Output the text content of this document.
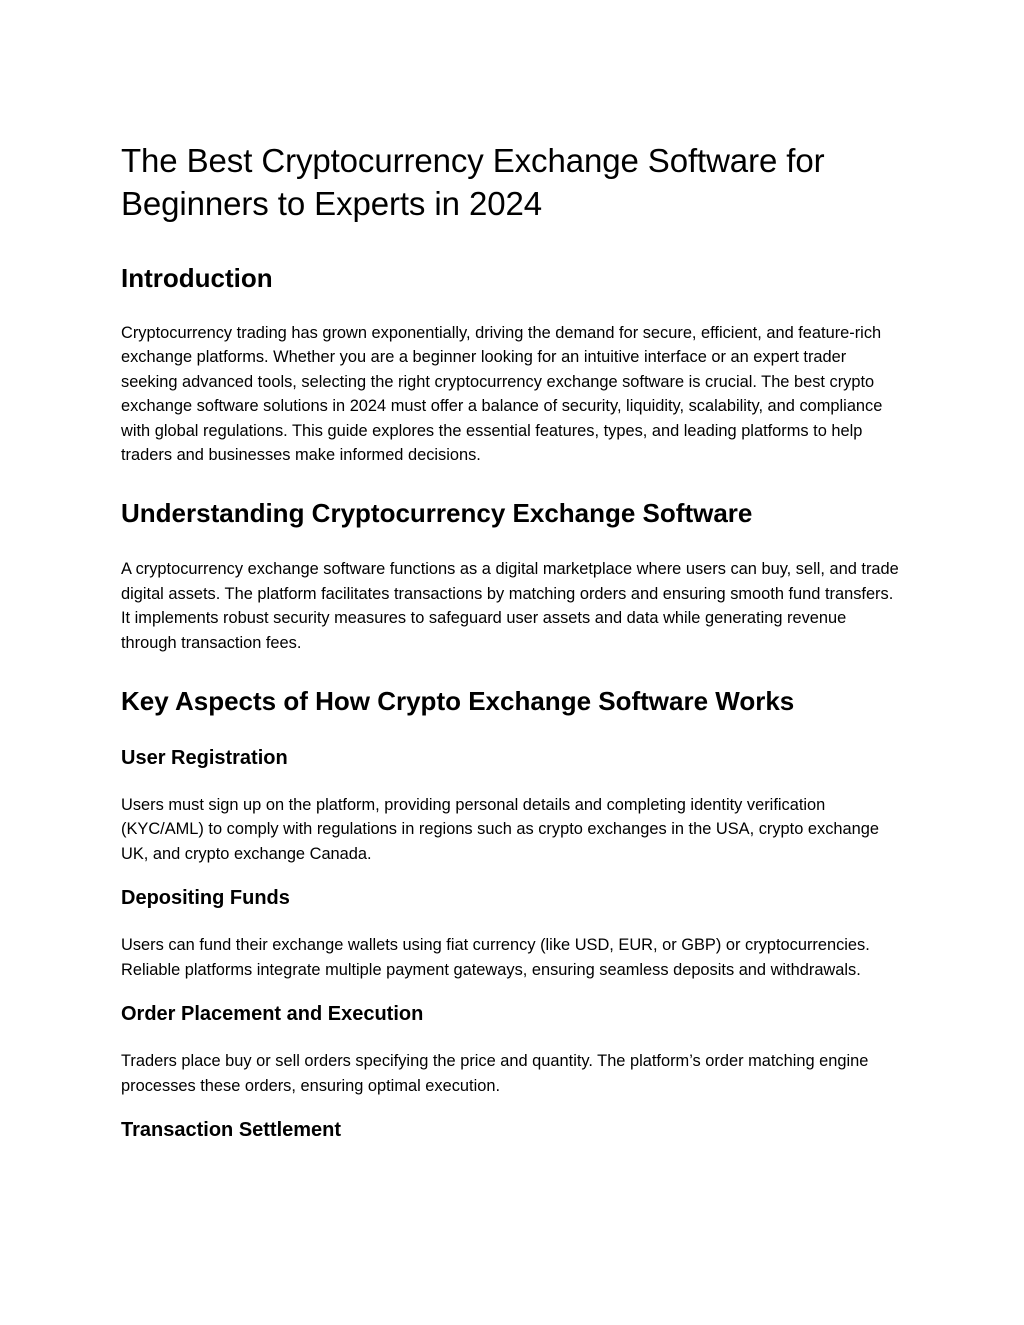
The Best Cryptocurrency Exchange Software for Beginners to Experts in 2024
Introduction

Cryptocurrency trading has grown exponentially, driving the demand for secure, efficient, and feature-rich exchange platforms. Whether you are a beginner looking for an intuitive interface or an expert trader seeking advanced tools, selecting the right cryptocurrency exchange software is crucial. The best crypto exchange software solutions in 2024 must offer a balance of security, liquidity, scalability, and compliance with global regulations. This guide explores the essential features, types, and leading platforms to help traders and businesses make informed decisions.

Understanding Cryptocurrency Exchange Software

A cryptocurrency exchange software functions as a digital marketplace where users can buy, sell, and trade digital assets. The platform facilitates transactions by matching orders and ensuring smooth fund transfers. It implements robust security measures to safeguard user assets and data while generating revenue through transaction fees.

Key Aspects of How Crypto Exchange Software Works
User Registration

Users must sign up on the platform, providing personal details and completing identity verification (KYC/AML) to comply with regulations in regions such as crypto exchanges in the USA, crypto exchange UK, and crypto exchange Canada.

Depositing Funds

Users can fund their exchange wallets using fiat currency (like USD, EUR, or GBP) or cryptocurrencies. Reliable platforms integrate multiple payment gateways, ensuring seamless deposits and withdrawals.

Order Placement and Execution

Traders place buy or sell orders specifying the price and quantity. The platform’s order matching engine processes these orders, ensuring optimal execution.

Transaction Settlement
